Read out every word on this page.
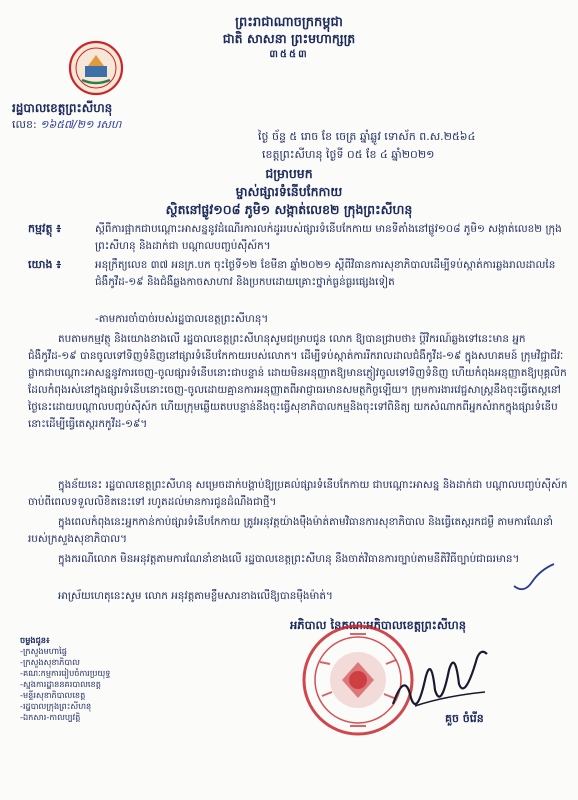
ព្រះរាជាណាចក្រកម្ពុជា
ជាតិ សាសនា ព្រះមហាក្សត្រ
៣៥៥៣
រដ្ឋបាលខេត្តព្រះសីហនុ
លេខ: ១៦៥៧/២១ រសហ
ថ្ងៃ ច័ន្ទ ៥ រោច ខែ ចេត្រ ឆ្នាំឆ្លូវ ទោស័ក ព.ស.២៥៦៤
ខេត្តព្រះសីហនុ ថ្ងៃទី ០៥ ខែ ៤ ឆ្នាំ២០២១
ជម្រាបមក
ម្ចាស់ផ្សារទំនើបកែកាយ
ស្ថិតនៅផ្លូវ១០៨ ភូមិ១ សង្កាត់លេខ២ ក្រុងព្រះសីហនុ
កម្មវត្ថុ ៖	ស្តីពីការផ្អាកជាបណ្តោះអាសន្ននូវដំណើរការលក់ដូររបស់ផ្សារទំនើបកែកាយ មានទីតាំងនៅផ្លូវ១០៨ ភូមិ១ សង្កាត់លេខ២ ក្រុងព្រះសីហនុ និងដាក់ជា បណ្តាលបញ្ចប់ស៊ីស៍ក។
យោង ៖	អនុក្រឹត្យលេខ ៣៧ អនក្រ.បក ចុះថ្ងៃទី១២ ខែមីនា ឆ្នាំ២០២១ ស្តីពីវិធានការសុខាភិបាលដើម្បីទប់ស្កាត់ការឆ្លងរាលដាលនៃជំងឺកូវីដ-១៩ និងជំងឺឆ្លងកាចសាហាវ និងប្រកបដោយគ្រោះថ្នាក់ធ្ងន់ធ្ងរផ្សេងទៀត
-តាមការចាំបាច់របស់រដ្ឋបាលខេត្តព្រះសីហនុ។
តបតាមកម្មវត្ថុ និងយោងខាងលើ រដ្ឋបាលខេត្តព្រះសីហនុសូមជម្រាបជូន លោក ឱ្យបានជ្រាបថា៖ ប្តីវិករណ៍ឆ្លងទៅនេះមាន អ្នកជំងឺកូវីដ-១៩ បានចូលទៅទិញទំនិញនៅផ្សារទំនើបកែកាយរបស់លោក។ ដើម្បីទប់ស្កាត់ការរីករាលដាលជំងឺកូវីដ-១៩ ក្នុងសហគមន៍ ក្រុមវិជ្ជាជីវៈ ផ្លាកជាបណ្តោះអាសន្ននូវការចេញ-ចូលផ្សារទំនើបនោះជាបន្ទាន់ ដោយមិនអនុញ្ញាតឱ្យមានភ្ញៀវចូលទៅទិញទំនិញ ហើយកំពុងអនុញ្ញាតឱ្យបុគ្គលិកដែលកំពុងរស់នៅក្នុងផ្សារទំនើបនោះចេញ-ចូលដោយគ្មានការអនុញ្ញាតពីអាជ្ញាធរមានសមត្ថកិច្ចឡើយ។ ក្រុមការងារវេជ្ជសាស្ត្រនឹងចុះធ្វើតេស្តនៅថ្ងៃនេះដោយបណ្តាលបញ្ចប់ស៊ីស៍ក ហើយក្រុមឆ្លើយតបបន្ទាន់នឹងចុះធ្វើសុខាភិបាលកម្មនិងចុះទៅពិនិត្យ យកសំណាកពីអ្នកសំរាកក្នុងផ្សារទំនើបនោះដើម្បីធ្វើតេស្តរកកូវីដ-១៩។
ក្នុងន័យនេះ រដ្ឋបាលខេត្តព្រះសីហនុ សម្រេចដាក់បង្គាប់ឱ្យប្រគល់ផ្សារទំនើបកែកាយ ជាបណ្តោះអាសន្ន និងដាក់ជា បណ្តាលបញ្ចប់ស៊ីស៍ក ចាប់ពីពេលទទួលលិខិតនេះទៅ រហូតដល់មានការជូនដំណឹងជាថ្មី។
ក្នុងពេលកំពុងនេះអ្នកកាន់កាប់ផ្សារទំនើបកែកាយ ត្រូវអនុវត្តយ៉ាងម៉ឺងម៉ាត់តាមវិធានការសុខាភិបាល និងធ្វើតេស្តរកជម្ងឺ តាមការណែនាំរបស់ក្រសួងសុខាភិបាល។
ក្នុងករណីលោក មិនអនុវត្តតាមការណែនាំខាងលើ រដ្ឋបាលខេត្តព្រះសីហនុ នឹងចាត់វិធានការច្បាប់តាមនីតិវិធីច្បាប់ជាធរមាន។
អាស្រ័យហេតុនេះសូម លោក អនុវត្តតាមខ្លឹមសារខាងលើឱ្យបានមុឺងម៉ាត់។
អភិបាល នៃគណៈអភិបាលខេត្តព្រះសីហនុ
គួច ចំរើន
ចម្លងជូន៖
-ក្រសួងមហាផ្ទៃ
-ក្រសួងសុខាភិបាល
-គណៈកម្មការរៀបចំការប្រយុទ្ធ
-ស្នងការដ្ឋាននគរបាលខេត្ត
-មន្ទីរសុខាភិបាលខេត្ត
-រដ្ឋបាលក្រុងព្រះសីហនុ
-ឯកសារ-កាលប្បវត្តិ
